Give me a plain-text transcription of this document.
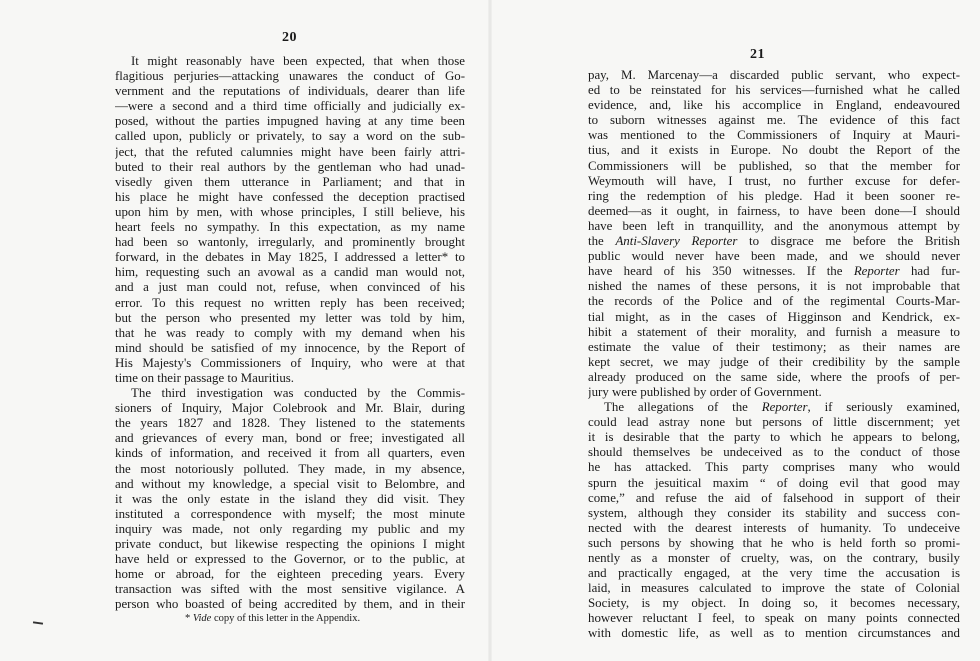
20
It might reasonably have been expected, that when those
flagitious perjuries—attacking unawares the conduct of Go-
vernment and the reputations of individuals, dearer than life
—were a second and a third time officially and judicially ex-
posed, without the parties impugned having at any time been
called upon, publicly or privately, to say a word on the sub-
ject, that the refuted calumnies might have been fairly attri-
buted to their real authors by the gentleman who had unad-
visedly given them utterance in Parliament; and that in
his place he might have confessed the deception practised
upon him by men, with whose principles, I still believe, his
heart feels no sympathy. In this expectation, as my name
had been so wantonly, irregularly, and prominently brought
forward, in the debates in May 1825, I addressed a letter* to
him, requesting such an avowal as a candid man would not,
and a just man could not, refuse, when convinced of his
error. To this request no written reply has been received;
but the person who presented my letter was told by him,
that he was ready to comply with my demand when his
mind should be satisfied of my innocence, by the Report of
His Majesty's Commissioners of Inquiry, who were at that
time on their passage to Mauritius.
The third investigation was conducted by the Commis-
sioners of Inquiry, Major Colebrook and Mr. Blair, during
the years 1827 and 1828. They listened to the statements
and grievances of every man, bond or free; investigated all
kinds of information, and received it from all quarters, even
the most notoriously polluted. They made, in my absence,
and without my knowledge, a special visit to Belombre, and
it was the only estate in the island they did visit. They
instituted a correspondence with myself; the most minute
inquiry was made, not only regarding my public and my
private conduct, but likewise respecting the opinions I might
have held or expressed to the Governor, or to the public, at
home or abroad, for the eighteen preceding years. Every
transaction was sifted with the most sensitive vigilance. A
person who boasted of being accredited by them, and in their
* Vide copy of this letter in the Appendix.
21
pay, M. Marcenay—a discarded public servant, who expect-
ed to be reinstated for his services—furnished what he called
evidence, and, like his accomplice in England, endeavoured
to suborn witnesses against me. The evidence of this fact
was mentioned to the Commissioners of Inquiry at Mauri-
tius, and it exists in Europe. No doubt the Report of the
Commissioners will be published, so that the member for
Weymouth will have, I trust, no further excuse for defer-
ring the redemption of his pledge. Had it been sooner re-
deemed—as it ought, in fairness, to have been done—I should
have been left in tranquillity, and the anonymous attempt by
the Anti-Slavery Reporter to disgrace me before the British
public would never have been made, and we should never
have heard of his 350 witnesses. If the Reporter had fur-
nished the names of these persons, it is not improbable that
the records of the Police and of the regimental Courts-Mar-
tial might, as in the cases of Higginson and Kendrick, ex-
hibit a statement of their morality, and furnish a measure to
estimate the value of their testimony; as their names are
kept secret, we may judge of their credibility by the sample
already produced on the same side, where the proofs of per-
jury were published by order of Government.
The allegations of the Reporter, if seriously examined,
could lead astray none but persons of little discernment; yet
it is desirable that the party to which he appears to belong,
should themselves be undeceived as to the conduct of those
he has attacked. This party comprises many who would
spurn the jesuitical maxim “ of doing evil that good may
come,” and refuse the aid of falsehood in support of their
system, although they consider its stability and success con-
nected with the dearest interests of humanity. To undeceive
such persons by showing that he who is held forth so promi-
nently as a monster of cruelty, was, on the contrary, busily
and practically engaged, at the very time the accusation is
laid, in measures calculated to improve the state of Colonial
Society, is my object. In doing so, it becomes necessary,
however reluctant I feel, to speak on many points connected
with domestic life, as well as to mention circumstances and
